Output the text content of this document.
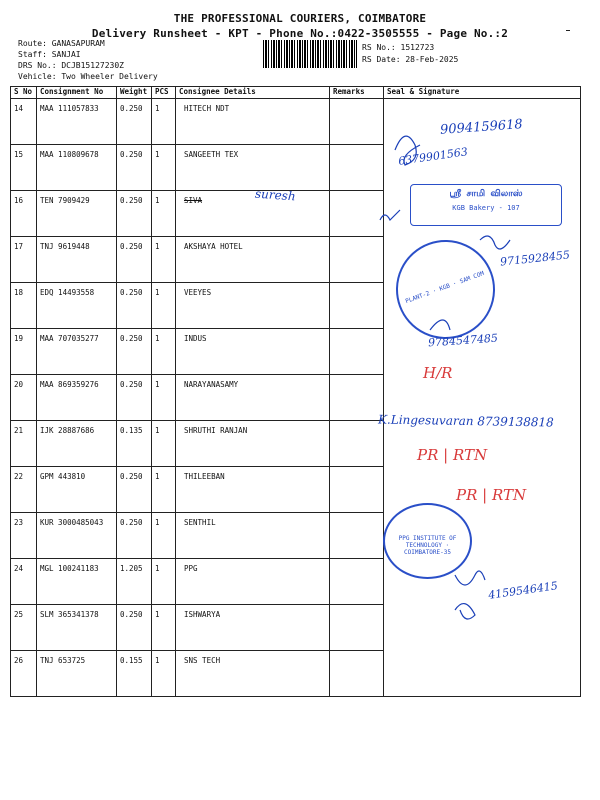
THE PROFESSIONAL COURIERS, COIMBATORE
Delivery Runsheet - KPT - Phone No.:0422-3505555 - Page No.:2
Route: GANASAPURAM
Staff: SANJAI
DRS No.: DCJB15127230Z
Vehicle: Two Wheeler Delivery
RS No.: 1512723
RS Date: 28-Feb-2025
S No	Consignment No	Weight	PCS	Consignee Details	Remarks	Seal & Signature
14	MAA 111057833	0.250	1	HITECH NDT		
15	MAA 110809678	0.250	1	SANGEETH TEX		
16	TEN 7909429	0.250	1	SIVA		
17	TNJ 9619448	0.250	1	AKSHAYA HOTEL		
18	EDQ 14493558	0.250	1	VEEYES		
19	MAA 707035277	0.250	1	INDUS		
20	MAA 869359276	0.250	1	NARAYANASAMY		
21	IJK 28887686	0.135	1	SHRUTHI RANJAN		
22	GPM 443810	0.250	1	THILEEBAN		
23	KUR 3000485043	0.250	1	SENTHIL		
24	MGL 100241183	1.205	1	PPG		
25	SLM 365341378	0.250	1	ISHWARYA		
26	TNJ 653725	0.155	1	SNS TECH		
9094159618
6379901563
suresh	ஸ்ரீ சாமி விலாஸ்
KGB Bakery - 107
9715928455
PLANT-2 · KGB · SAM COM
9784547485
H/R
K.Lingesuvaran 8739138818
PR | RTN
PR | RTN
PPG INSTITUTE OF TECHNOLOGY · COIMBATORE-35
4159546415
